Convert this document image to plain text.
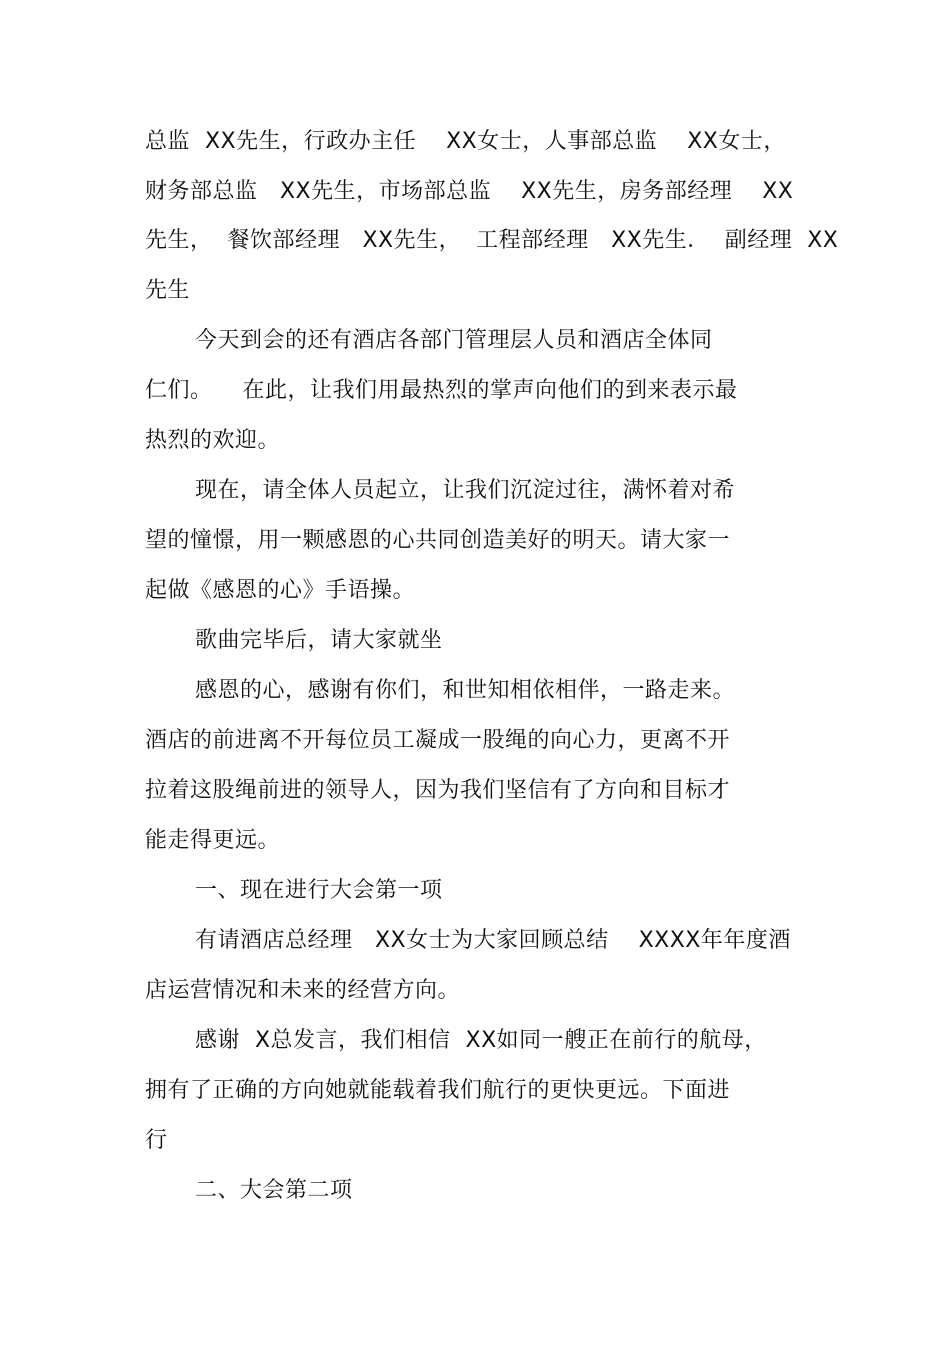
总监  XX先生，行政办主任    XX女士，人事部总监    XX女士，
财务部总监   XX先生，市场部总监    XX先生，房务部经理    XX
先生，  餐饮部经理   XX先生，  工程部经理   XX先生．  副经理  XX
先生
今天到会的还有酒店各部门管理层人员和酒店全体同
仁们。    在此，让我们用最热烈的掌声向他们的到来表示最
热烈的欢迎。
现在，请全体人员起立，让我们沉淀过往，满怀着对希
望的憧憬，用一颗感恩的心共同创造美好的明天。请大家一
起做《感恩的心》手语操。
歌曲完毕后，请大家就坐
感恩的心，感谢有你们，和世知相依相伴，一路走来。
酒店的前进离不开每位员工凝成一股绳的向心力，更离不开
拉着这股绳前进的领导人，因为我们坚信有了方向和目标才
能走得更远。
一、现在进行大会第一项
有请酒店总经理   XX女士为大家回顾总结    XXXX年年度酒
店运营情况和未来的经营方向。
感谢  X总发言，我们相信  XX如同一艘正在前行的航母，
拥有了正确的方向她就能载着我们航行的更快更远。下面进
行
二、大会第二项
